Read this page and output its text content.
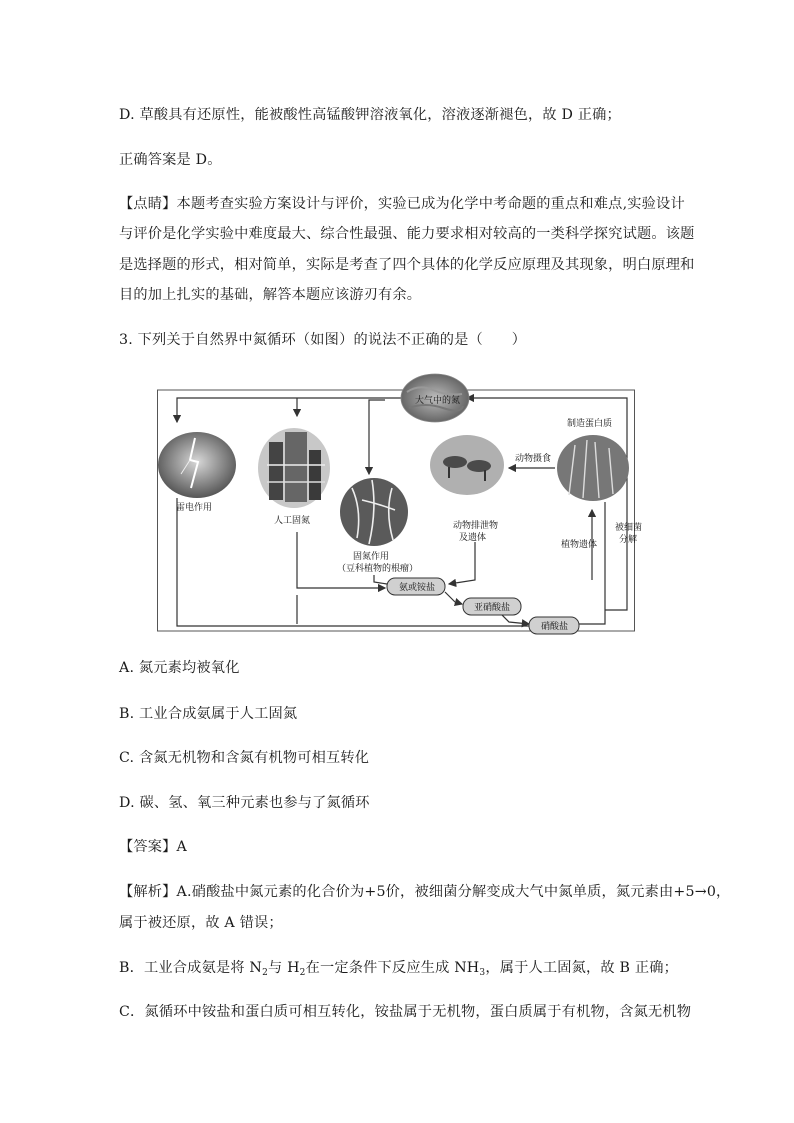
D. 草酸具有还原性，能被酸性高锰酸钾溶液氧化，溶液逐渐褪色，故 D 正确；
正确答案是 D。
【点睛】本题考查实验方案设计与评价，实验已成为化学中考命题的重点和难点,实验设计
与评价是化学实验中难度最大、综合性最强、能力要求相对较高的一类科学探究试题。该题
是选择题的形式，相对简单，实际是考查了四个具体的化学反应原理及其现象，明白原理和
目的加上扎实的基础，解答本题应该游刃有余。
3. 下列关于自然界中氮循环（如图）的说法不正确的是（　　）
大气中的氮
雷电作用
人工固氮
固氮作用
（豆科植物的根瘤）
动物排泄物
及遗体
制造蛋白质
动物摄食
植物遗体
被细菌
分解
氨或铵盐
亚硝酸盐
硝酸盐
A. 氮元素均被氧化
B. 工业合成氨属于人工固氮
C. 含氮无机物和含氮有机物可相互转化
D. 碳、氢、氧三种元素也参与了氮循环
【答案】A
【解析】A.硝酸盐中氮元素的化合价为+5价，被细菌分解变成大气中氮单质，氮元素由+5→0，
属于被还原，故 A 错误；
B．工业合成氨是将 $N_2$与 $H_2$在一定条件下反应生成 $NH_3$，属于人工固氮，故 B 正确；
C．氮循环中铵盐和蛋白质可相互转化，铵盐属于无机物，蛋白质属于有机物，含氮无机物
